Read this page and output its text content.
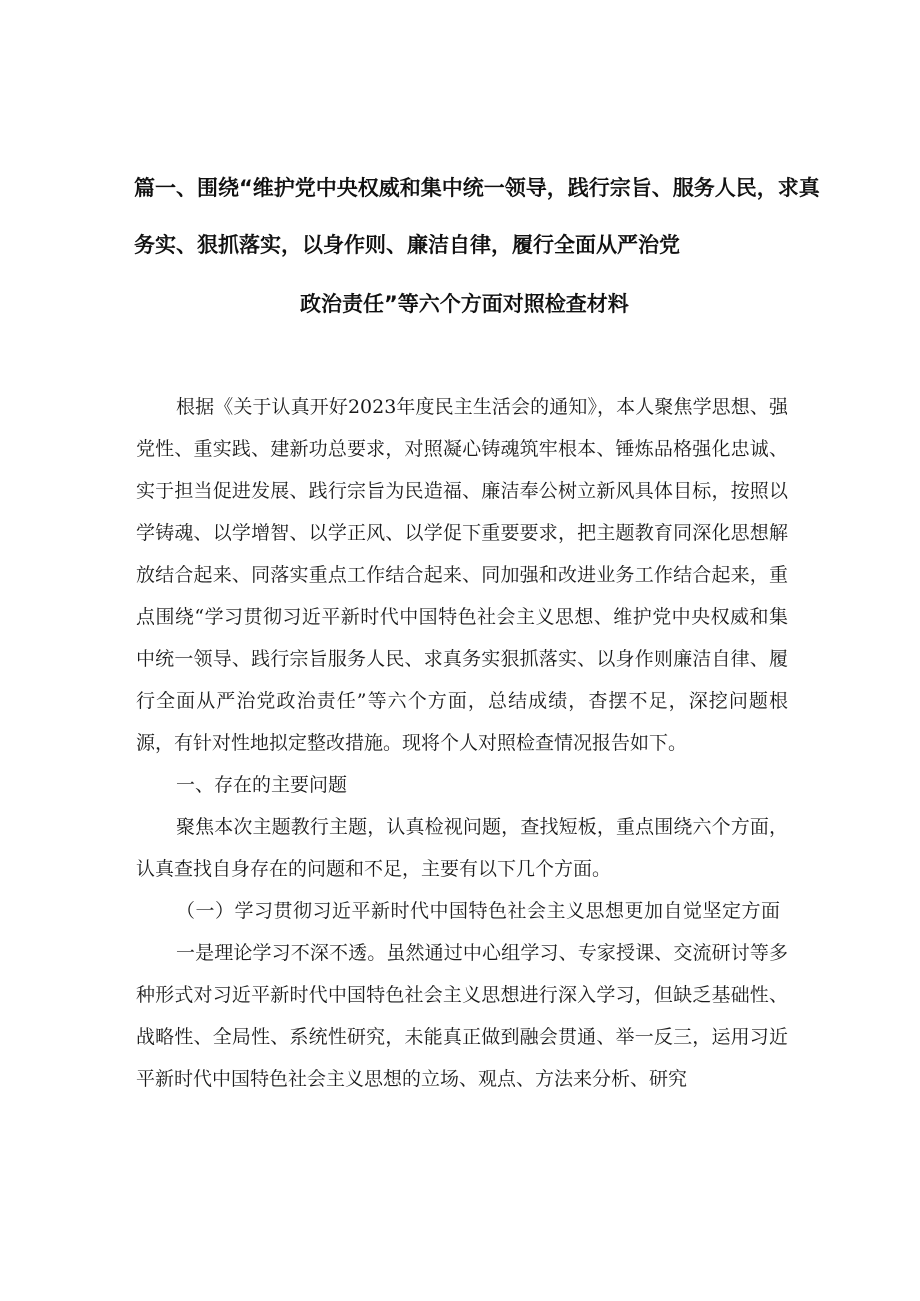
篇一、围绕“维护党中央权威和集中统一领导，践行宗旨、服务人民，求真
务实、狠抓落实，以身作则、廉洁自律，履行全面从严治党
政治责任”等六个方面对照检查材料

根据《关于认真开好2023年度民主生活会的通知》，本人聚焦学思想、强党性、重实践、建新功总要求，对照凝心铸魂筑牢根本、锤炼品格强化忠诚、实于担当促进发展、践行宗旨为民造福、廉洁奉公树立新风具体目标，按照以学铸魂、以学增智、以学正风、以学促下重要要求，把主题教育同深化思想解放结合起来、同落实重点工作结合起来、同加强和改进业务工作结合起来，重点围绕“学习贯彻习近平新时代中国特色社会主义思想、维护党中央权威和集中统一领导、践行宗旨服务人民、求真务实狠抓落实、以身作则廉洁自律、履行全面从严治党政治责任”等六个方面，总结成绩，杳摆不足，深挖问题根源，有针对性地拟定整改措施。现将个人对照检查情况报告如下。

一、存在的主要问题

聚焦本次主题教行主题，认真检视问题，查找短板，重点围绕六个方面，认真查找自身存在的问题和不足，主要有以下几个方面。

（一）学习贯彻习近平新时代中国特色社会主义思想更加自觉坚定方面

一是理论学习不深不透。虽然通过中心组学习、专家授课、交流研讨等多种形式对习近平新时代中国特色社会主义思想进行深入学习，但缺乏基础性、战略性、全局性、系统性研究，未能真正做到融会贯通、举一反三，运用习近平新时代中国特色社会主义思想的立场、观点、方法来分析、研究
